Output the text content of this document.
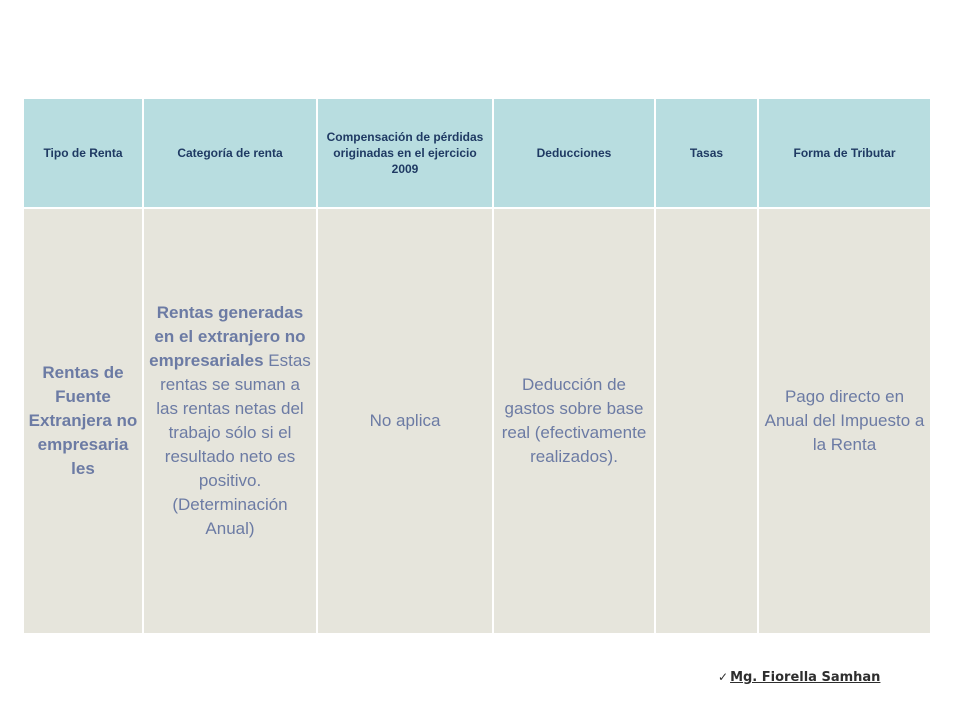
Tipo de Renta	Categoría de renta	Compensación de pérdidas originadas en el ejercicio 2009	Deducciones	Tasas	Forma de Tributar
Rentas de Fuente Extranjera no empresaria les	Rentas generadas en el extranjero no empresariales Estas rentas se suman a las rentas netas del trabajo sólo si el resultado neto es positivo. (Determinación Anual)	No aplica	Deducción de gastos sobre base real (efectivamente realizados).		Pago directo en Anual del Impuesto a la Renta
✓ Mg. Fiorella Samhan
